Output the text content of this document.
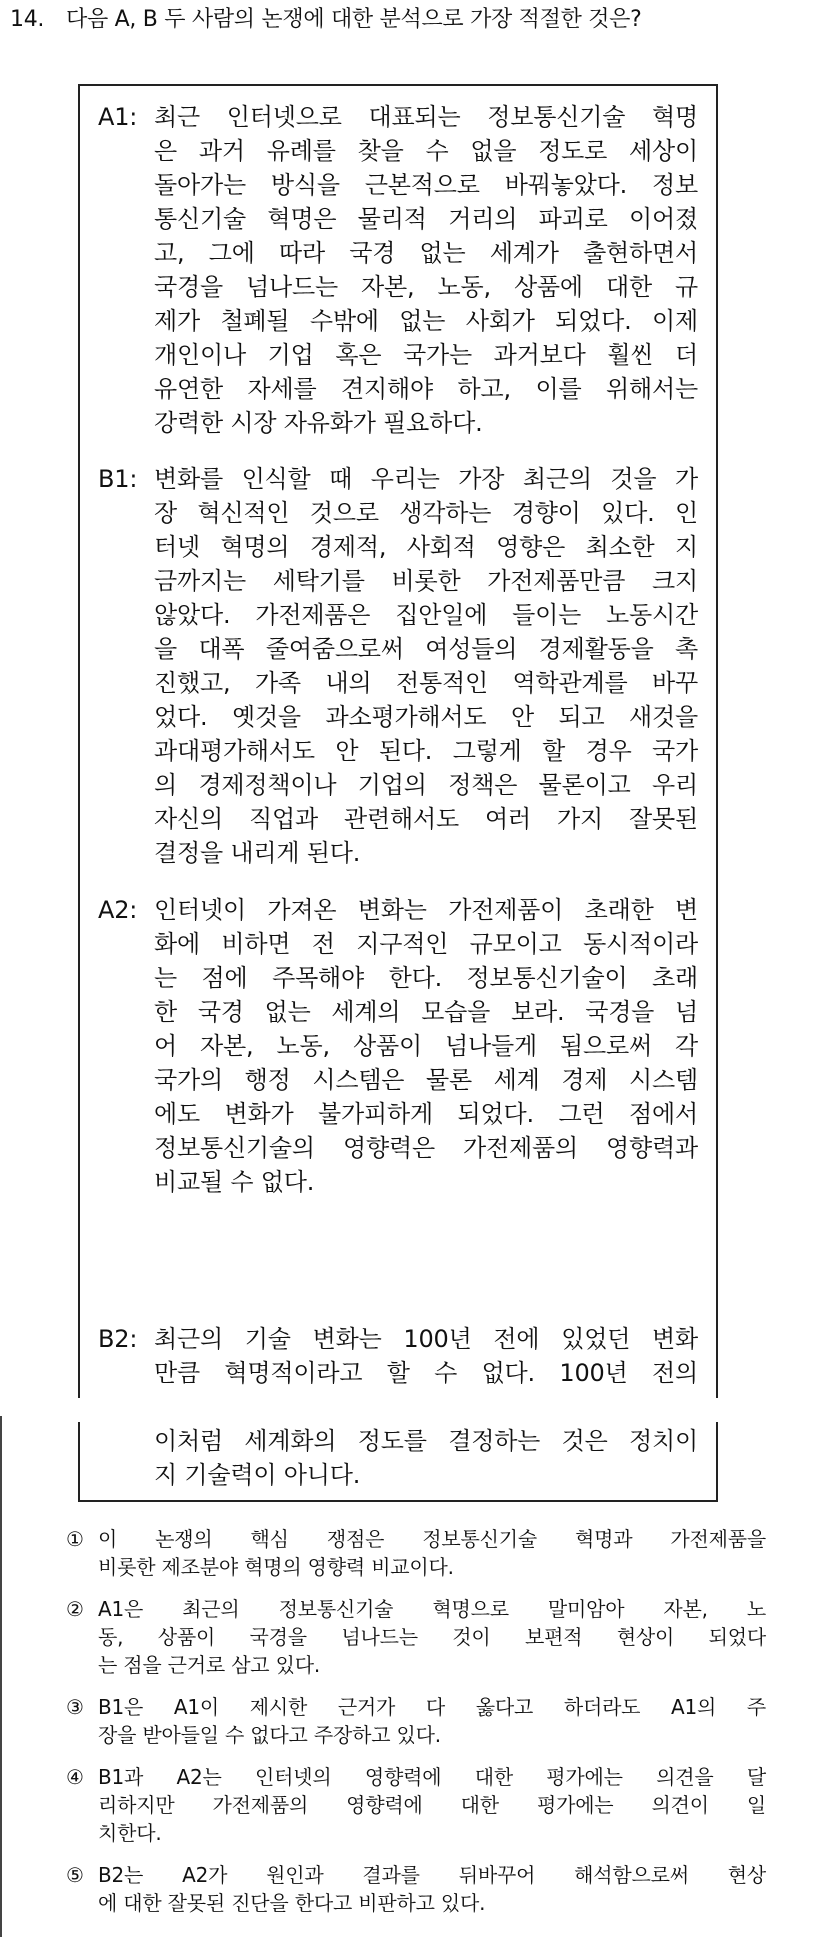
14. 다음 A, B 두 사람의 논쟁에 대한 분석으로 가장 적절한 것은?
A1: 최근 인터넷으로 대표되는 정보통신기술 혁명
은 과거 유례를 찾을 수 없을 정도로 세상이
돌아가는 방식을 근본적으로 바꿔놓았다. 정보
통신기술 혁명은 물리적 거리의 파괴로 이어졌
고, 그에 따라 국경 없는 세계가 출현하면서
국경을 넘나드는 자본, 노동, 상품에 대한 규
제가 철폐될 수밖에 없는 사회가 되었다. 이제
개인이나 기업 혹은 국가는 과거보다 훨씬 더
유연한 자세를 견지해야 하고, 이를 위해서는
강력한 시장 자유화가 필요하다.
B1: 변화를 인식할 때 우리는 가장 최근의 것을 가
장 혁신적인 것으로 생각하는 경향이 있다. 인
터넷 혁명의 경제적, 사회적 영향은 최소한 지
금까지는 세탁기를 비롯한 가전제품만큼 크지
않았다. 가전제품은 집안일에 들이는 노동시간
을 대폭 줄여줌으로써 여성들의 경제활동을 촉
진했고, 가족 내의 전통적인 역학관계를 바꾸
었다. 옛것을 과소평가해서도 안 되고 새것을
과대평가해서도 안 된다. 그렇게 할 경우 국가
의 경제정책이나 기업의 정책은 물론이고 우리
자신의 직업과 관련해서도 여러 가지 잘못된
결정을 내리게 된다.
A2: 인터넷이 가져온 변화는 가전제품이 초래한 변
화에 비하면 전 지구적인 규모이고 동시적이라
는 점에 주목해야 한다. 정보통신기술이 초래
한 국경 없는 세계의 모습을 보라. 국경을 넘
어 자본, 노동, 상품이 넘나들게 됨으로써 각
국가의 행정 시스템은 물론 세계 경제 시스템
에도 변화가 불가피하게 되었다. 그런 점에서
정보통신기술의 영향력은 가전제품의 영향력과
비교될 수 없다.
B2: 최근의 기술 변화는 100년 전에 있었던 변화
만큼 혁명적이라고 할 수 없다. 100년 전의
이처럼 세계화의 정도를 결정하는 것은 정치이
지 기술력이 아니다.
① 이 논쟁의 핵심 쟁점은 정보통신기술 혁명과 가전제품을
비롯한 제조분야 혁명의 영향력 비교이다.
② A1은 최근의 정보통신기술 혁명으로 말미암아 자본, 노
동, 상품이 국경을 넘나드는 것이 보편적 현상이 되었다
는 점을 근거로 삼고 있다.
③ B1은 A1이 제시한 근거가 다 옳다고 하더라도 A1의 주
장을 받아들일 수 없다고 주장하고 있다.
④ B1과 A2는 인터넷의 영향력에 대한 평가에는 의견을 달
리하지만 가전제품의 영향력에 대한 평가에는 의견이 일
치한다.
⑤ B2는 A2가 원인과 결과를 뒤바꾸어 해석함으로써 현상
에 대한 잘못된 진단을 한다고 비판하고 있다.
